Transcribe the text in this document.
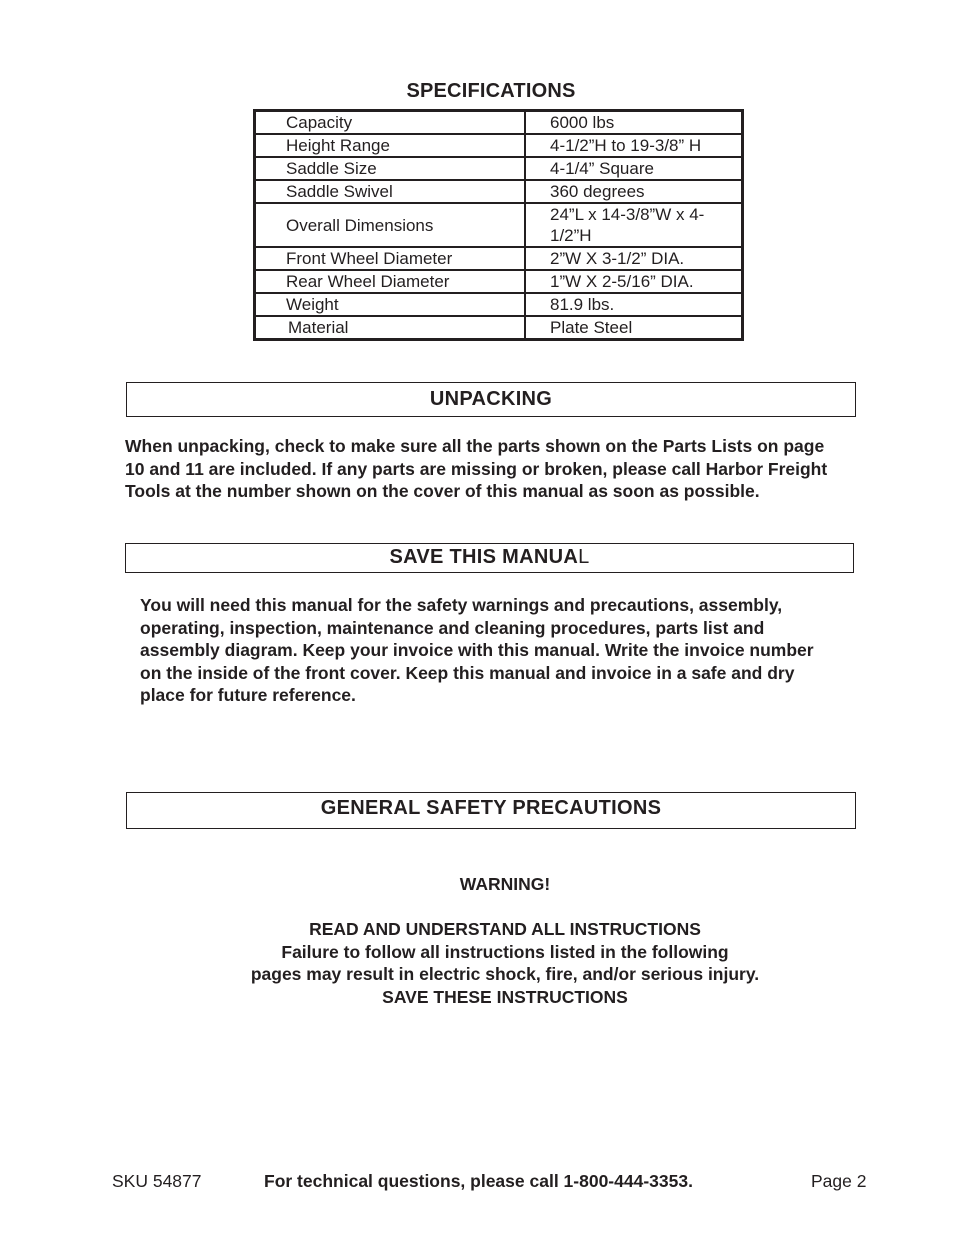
SPECIFICATIONS
Capacity	6000 lbs
Height Range	4-1/2”H to 19-3/8” H
Saddle Size	4-1/4” Square
Saddle Swivel	360 degrees
Overall Dimensions	24”L x 14-3/8”W x 4-1/2”H
Front Wheel Diameter	2”W X 3-1/2” DIA.
Rear Wheel Diameter	1”W X 2-5/16” DIA.
Weight	81.9 lbs.
Material	Plate Steel
UNPACKING
When unpacking, check to make sure all the parts shown on the Parts Lists on page
10 and 11 are included. If any parts are missing or broken, please call Harbor Freight
Tools at the number shown on the cover of this manual as soon as possible.
SAVE THIS MANUAL
You will need this manual for the safety warnings and precautions, assembly,
operating, inspection, maintenance and cleaning procedures, parts list and
assembly diagram. Keep your invoice with this manual. Write the invoice number
on the inside of the front cover. Keep this manual and invoice in a safe and dry
place for future reference.
GENERAL SAFETY PRECAUTIONS
WARNING!
READ AND UNDERSTAND ALL INSTRUCTIONS
Failure to follow all instructions listed in the following
pages may result in electric shock, fire, and/or serious injury.
SAVE THESE INSTRUCTIONS
SKU 54877	For technical questions, please call 1-800-444-3353.	Page 2
